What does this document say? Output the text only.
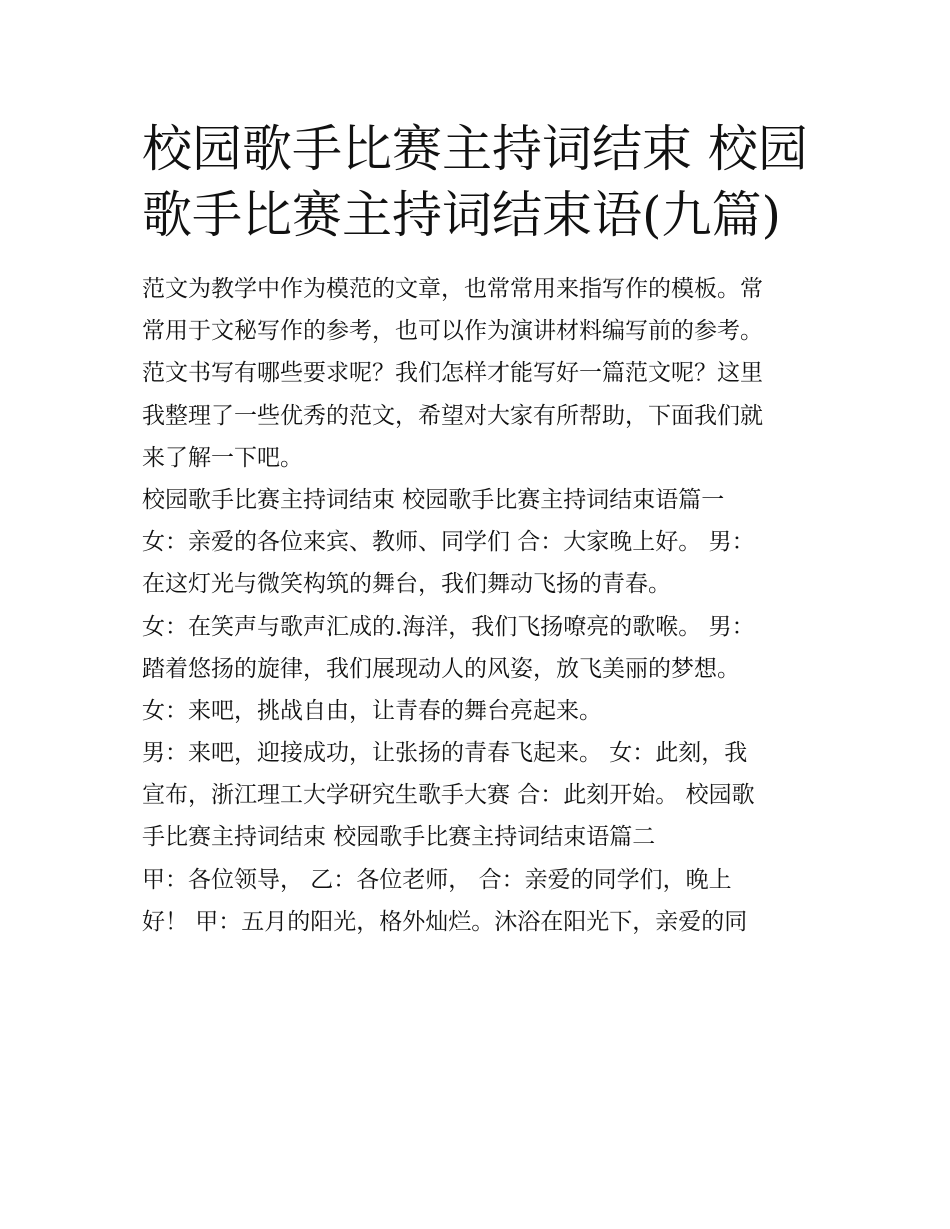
校园歌手比赛主持词结束 校园
歌手比赛主持词结束语(九篇)
范文为教学中作为模范的文章，也常常用来指写作的模板。常
常用于文秘写作的参考，也可以作为演讲材料编写前的参考。
范文书写有哪些要求呢？我们怎样才能写好一篇范文呢？这里
我整理了一些优秀的范文，希望对大家有所帮助，下面我们就
来了解一下吧。
校园歌手比赛主持词结束 校园歌手比赛主持词结束语篇一
女：亲爱的各位来宾、教师、同学们 合：大家晚上好。 男：
在这灯光与微笑构筑的舞台，我们舞动飞扬的青春。
女：在笑声与歌声汇成的.海洋，我们飞扬嘹亮的歌喉。 男：
踏着悠扬的旋律，我们展现动人的风姿，放飞美丽的梦想。
女：来吧，挑战自由，让青春的舞台亮起来。
男：来吧，迎接成功，让张扬的青春飞起来。 女：此刻，我
宣布，浙江理工大学研究生歌手大赛 合：此刻开始。 校园歌
手比赛主持词结束 校园歌手比赛主持词结束语篇二
甲：各位领导， 乙：各位老师， 合：亲爱的同学们，晚上
好！ 甲：五月的阳光，格外灿烂。沐浴在阳光下，亲爱的同
